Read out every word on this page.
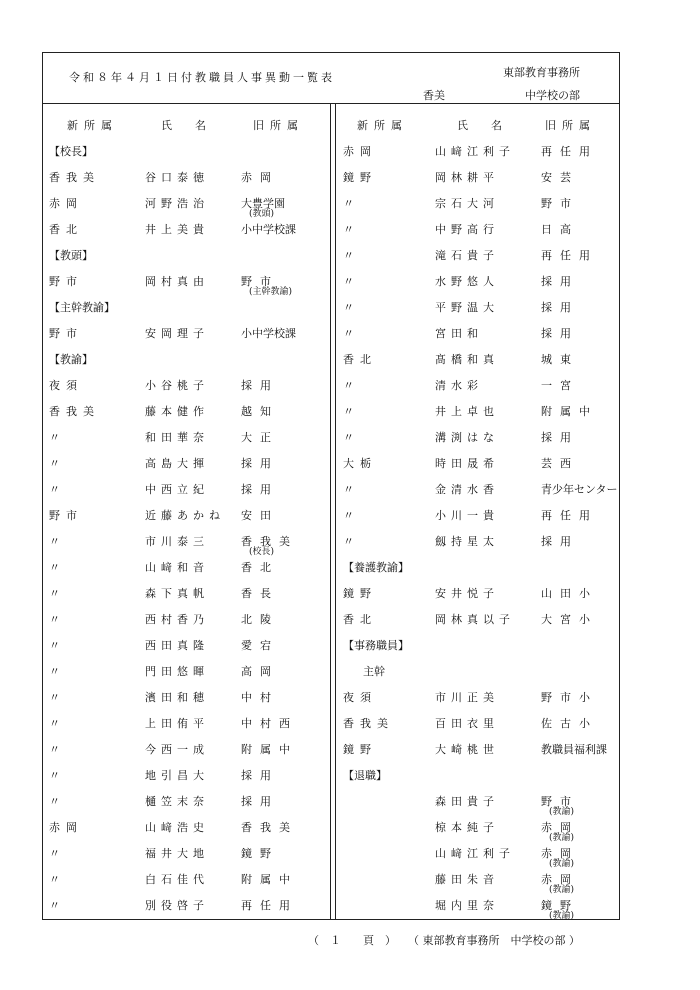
令和８年４月１日付教職員人事異動一覧表	東部教育事務所
香美	中学校の部
新所属	氏　名	旧所属	新所属	氏　名	旧所属
【校長】
香我美	谷口泰徳	赤岡
赤岡	河野浩治	大豊学園
(教頭)
香北	井上美貴	小中学校課
【教頭】
野市	岡村真由	野市
(主幹教諭)
【主幹教諭】
野市	安岡理子	小中学校課
【教諭】
夜須	小谷桃子	採用
香我美	藤本健作	越知
〃	和田華奈	大正
〃	高島大揮	採用
〃	中西立紀	採用
野市	近藤あかね 安田
〃	市川泰三	香我美
(校長)
〃	山﨑和音	香北
〃	森下真帆	香長
〃	西村香乃	北陵
〃	西田真隆	愛宕
〃	門田悠暉	高岡
〃	濱田和穂	中村
〃	上田侑平	中村西
〃	今西一成	附属中
〃	地引昌大	採用
〃	樋笠末奈	採用
赤岡	山﨑浩史	香我美
〃	福井大地	鏡野
〃	白石佳代	附属中
〃	別役啓子	再任用
赤岡	山﨑江利子 再任用
鏡野	岡林耕平	安芸
〃	宗石大河	野市
〃	中野高行	日高
〃	滝石貴子	再任用
〃	水野悠人	採用
〃	平野温大	採用
〃	宮田和	採用
香北	髙橋和真	城東
〃	清水彩	一宮
〃	井上卓也	附属中
〃	溝渕はな	採用
大栃	時田晟希	芸西
〃	金清水香	青少年センター
〃	小川一貴	再任用
〃	劔持星太	採用
【養護教諭】
鏡野	安井悦子	山田小
香北	岡林真以子 大宮小
【事務職員】
主幹
夜須	市川正美	野市小
香我美	百田衣里	佐古小
鏡野	大崎桃世	教職員福利課
【退職】
森田貴子	野市
(教諭)
椋本純子	赤岡
(教諭)
山﨑江利子 赤岡
(教諭)
藤田朱音	赤岡
(教諭)
堀内里奈	鏡野
(教諭)
（　１　　頁　） （ 東部教育事務所　中学校の部 ）
